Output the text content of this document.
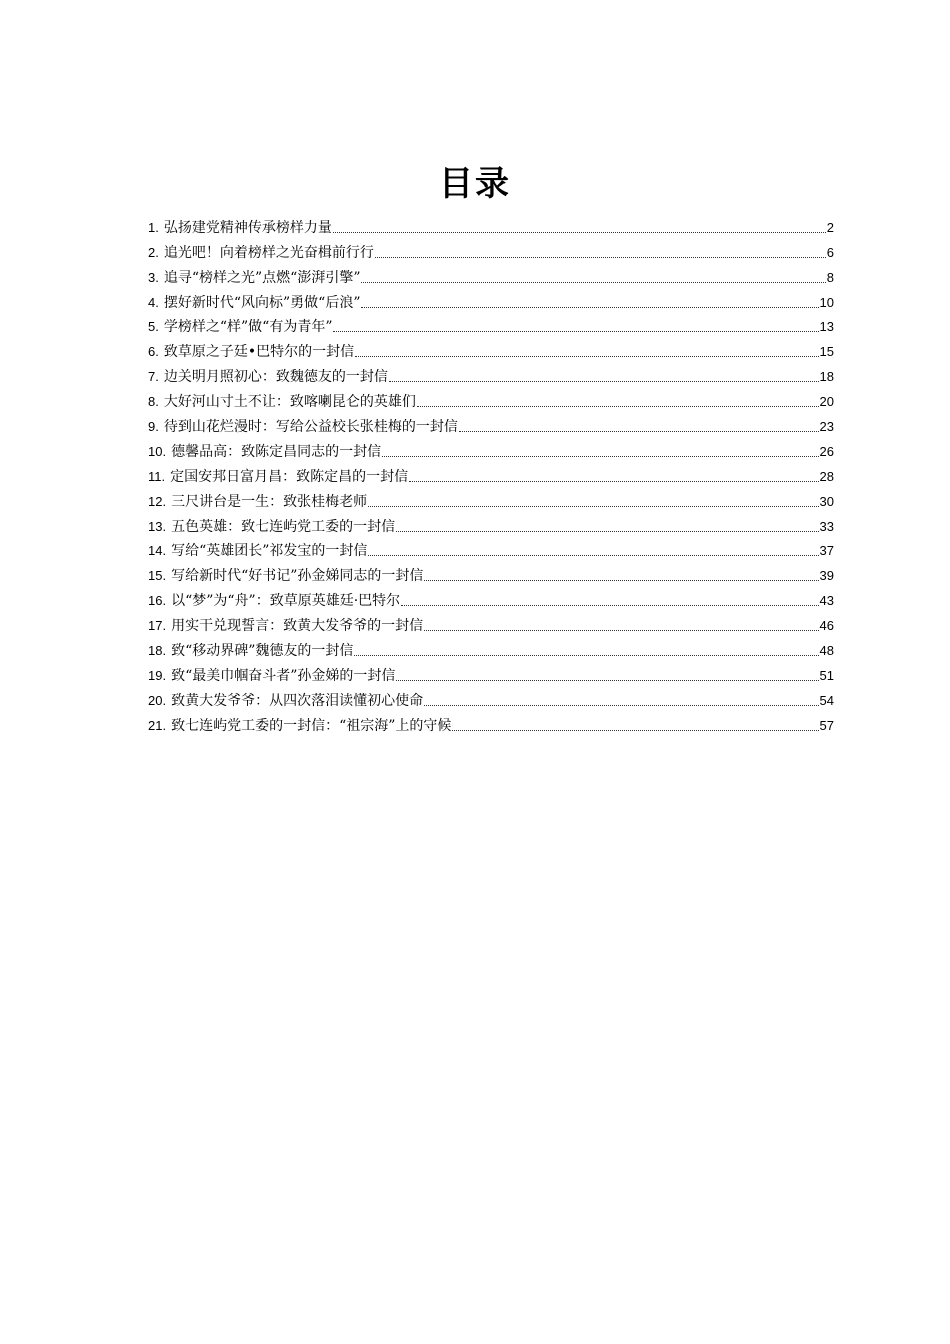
目录
1. 弘扬建党精神传承榜样力量	2
2. 追光吧！向着榜样之光奋楫前行行	6
3. 追寻“榜样之光”点燃“澎湃引擎”	8
4. 摆好新时代“风向标”勇做“后浪”	10
5. 学榜样之“样”做“有为青年”	13
6. 致草原之子廷•巴特尔的一封信	15
7. 边关明月照初心：致魏德友的一封信	18
8. 大好河山寸土不让：致喀喇昆仑的英雄们	20
9. 待到山花烂漫时：写给公益校长张桂梅的一封信	23
10. 德馨品高：致陈定昌同志的一封信	26
11. 定国安邦日富月昌：致陈定昌的一封信	28
12. 三尺讲台是一生：致张桂梅老师	30
13. 五色英雄：致七连屿党工委的一封信	33
14. 写给“英雄团长”祁发宝的一封信	37
15. 写给新时代“好书记”孙金娣同志的一封信	39
16. 以“梦”为“舟”：致草原英雄廷·巴特尔	43
17. 用实干兑现誓言：致黄大发爷爷的一封信	46
18. 致“移动界碑”魏德友的一封信	48
19. 致“最美巾帼奋斗者”孙金娣的一封信	51
20. 致黄大发爷爷：从四次落泪读懂初心使命	54
21. 致七连屿党工委的一封信：“祖宗海”上的守候	57
